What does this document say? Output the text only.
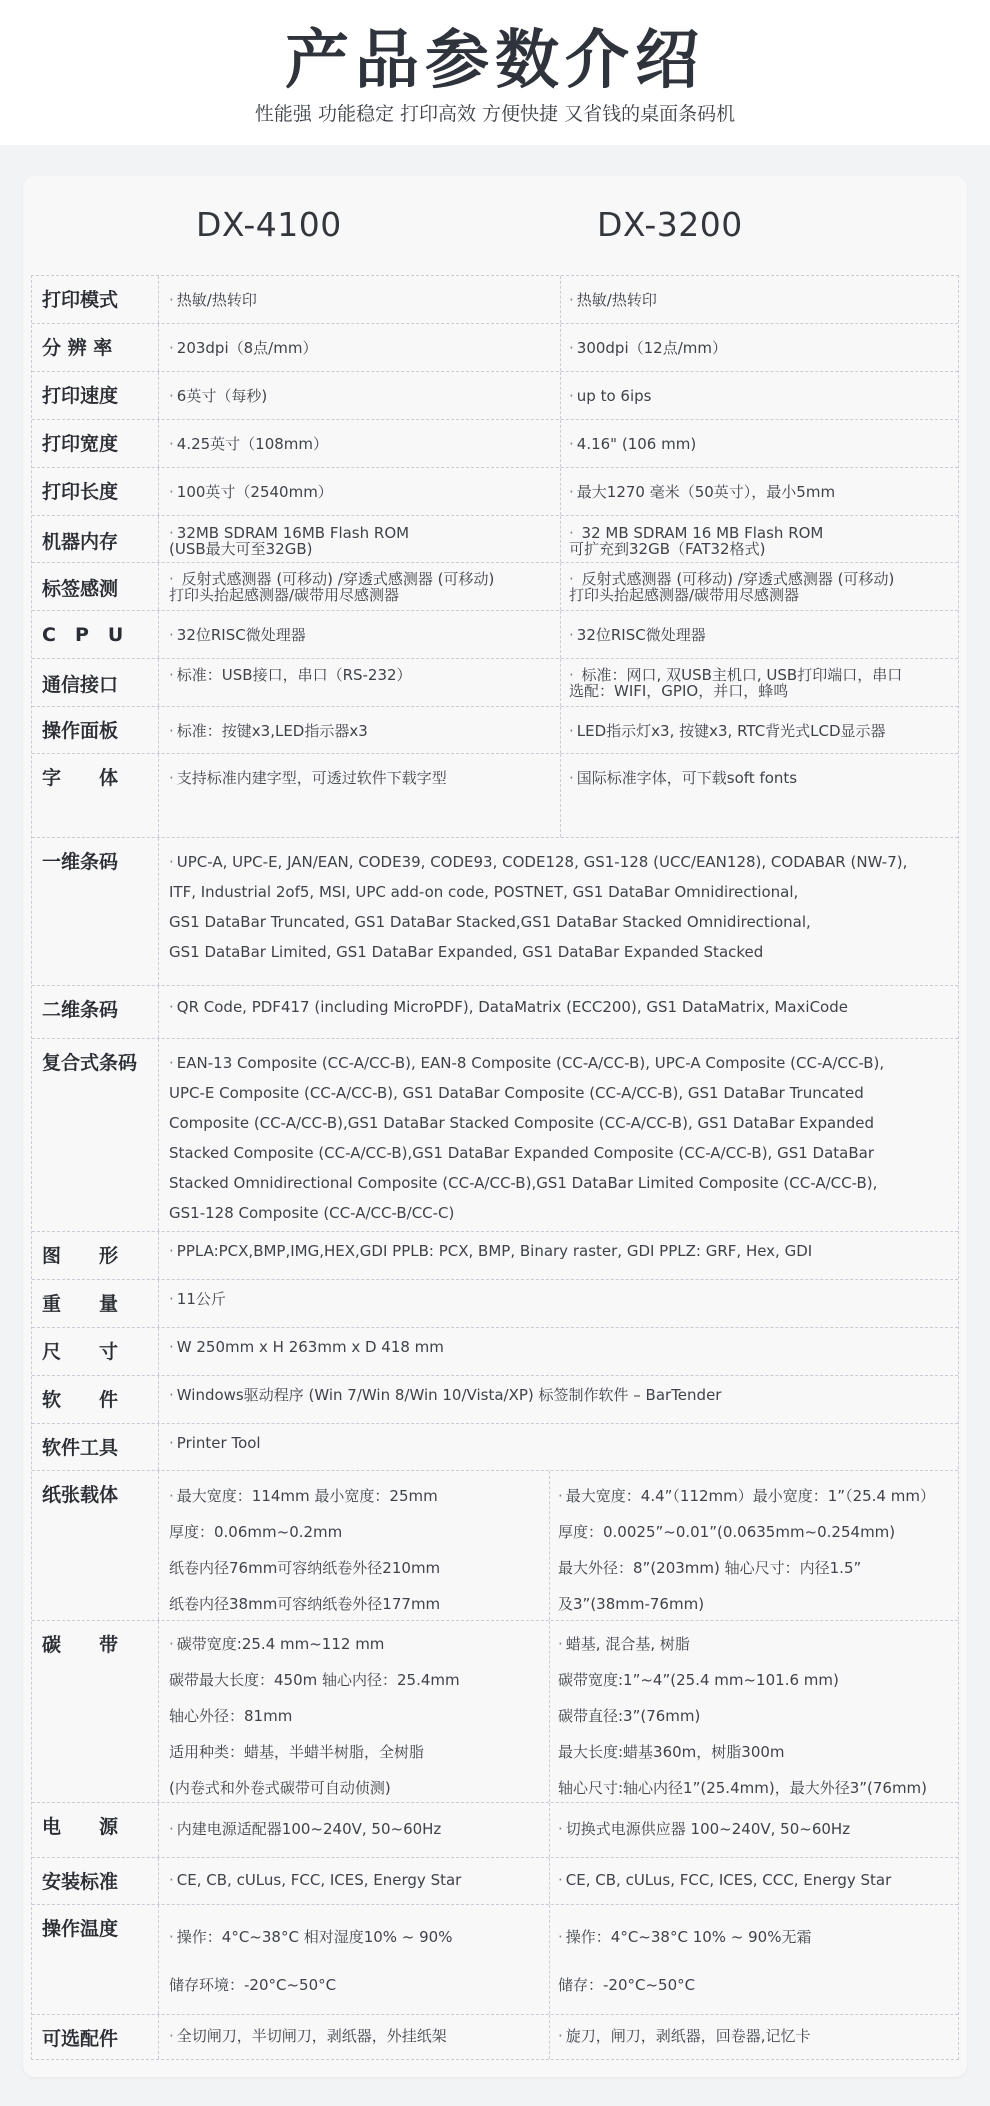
产品参数介绍
性能强 功能稳定 打印高效 方便快捷 又省钱的桌面条码机
DX-4100	DX-3200
打印模式	· 热敏/热转印	· 热敏/热转印
分 辨 率	· 203dpi（8点/mm）	· 300dpi（12点/mm）
打印速度	· 6英寸（每秒)	· up to 6ips
打印宽度	· 4.25英寸（108mm）	· 4.16" (106 mm)
打印长度	· 100英寸（2540mm）	· 最大1270 毫米（50英寸），最小5mm
机器内存	· 32MB SDRAM 16MB Flash ROM
(USB最大可至32GB)
· 32 MB SDRAM 16 MB Flash ROM
可扩充到32GB（FAT32格式)
标签感测	· 反射式感测器 (可移动) /穿透式感测器 (可移动)
打印头抬起感测器/碳带用尽感测器
· 反射式感测器 (可移动) /穿透式感测器 (可移动)
打印头抬起感测器/碳带用尽感测器
C　P　U	· 32位RISC微处理器	· 32位RISC微处理器
通信接口	· 标准：USB接口，串口（RS-232）	· 标准：网口, 双USB主机口, USB打印端口，串口
选配：WIFI，GPIO，并口，蜂鸣
操作面板	· 标准：按键x3,LED指示器x3	· LED指示灯x3, 按键x3, RTC背光式LCD显示器
字　　体	· 支持标准内建字型，可透过软件下载字型	· 国际标准字体，可下载soft fonts
一维条码	· UPC-A, UPC-E, JAN/EAN, CODE39, CODE93, CODE128, GS1-128 (UCC/EAN128), CODABAR (NW-7),
ITF, Industrial 2of5, MSI, UPC add-on code, POSTNET, GS1 DataBar Omnidirectional,
GS1 DataBar Truncated, GS1 DataBar Stacked,GS1 DataBar Stacked Omnidirectional,
GS1 DataBar Limited, GS1 DataBar Expanded, GS1 DataBar Expanded Stacked
二维条码	· QR Code, PDF417 (including MicroPDF), DataMatrix (ECC200), GS1 DataMatrix, MaxiCode
复合式条码 · EAN-13 Composite (CC-A/CC-B), EAN-8 Composite (CC-A/CC-B), UPC-A Composite (CC-A/CC-B),
UPC-E Composite (CC-A/CC-B), GS1 DataBar Composite (CC-A/CC-B), GS1 DataBar Truncated
Composite (CC-A/CC-B),GS1 DataBar Stacked Composite (CC-A/CC-B), GS1 DataBar Expanded
Stacked Composite (CC-A/CC-B),GS1 DataBar Expanded Composite (CC-A/CC-B), GS1 DataBar
Stacked Omnidirectional Composite (CC-A/CC-B),GS1 DataBar Limited Composite (CC-A/CC-B),
GS1-128 Composite (CC-A/CC-B/CC-C)
图　　形	· PPLA:PCX,BMP,IMG,HEX,GDI PPLB: PCX, BMP, Binary raster, GDI PPLZ: GRF, Hex, GDI
重　　量	· 11公斤
尺　　寸	· W 250mm x H 263mm x D 418 mm
软　　件	· Windows驱动程序 (Win 7/Win 8/Win 10/Vista/XP) 标签制作软件 – BarTender
软件工具	· Printer Tool
纸张载体	· 最大宽度：114mm 最小宽度：25mm
厚度：0.06mm~0.2mm
纸卷内径76mm可容纳纸卷外径210mm
纸卷内径38mm可容纳纸卷外径177mm
· 最大宽度：4.4”（112mm）最小宽度：1”（25.4 mm）
厚度：0.0025”~0.01”(0.0635mm~0.254mm)
最大外径：8”(203mm) 轴心尺寸：内径1.5”
及3”(38mm-76mm)
碳　　带	· 碳带宽度:25.4 mm~112 mm
碳带最大长度：450m 轴心内径：25.4mm
轴心外径：81mm
适用种类：蜡基，半蜡半树脂，全树脂
(内卷式和外卷式碳带可自动侦测)
· 蜡基, 混合基, 树脂
碳带宽度:1”~4”(25.4 mm~101.6 mm)
碳带直径:3”(76mm)
最大长度:蜡基360m，树脂300m
轴心尺寸:轴心内径1”(25.4mm)，最大外径3”(76mm)
电　　源	· 内建电源适配器100~240V, 50~60Hz	· 切换式电源供应器 100~240V, 50~60Hz
安装标准	· CE, CB, cULus, FCC, ICES, Energy Star	· CE, CB, cULus, FCC, ICES, CCC, Energy Star
操作温度	· 操作：4°C~38°C 相对湿度10% ~ 90%
储存环境：-20°C~50°C
· 操作：4°C~38°C 10% ~ 90%无霜
储存：-20°C~50°C
可选配件	· 全切闸刀，半切闸刀，剥纸器，外挂纸架	· 旋刀，闸刀，剥纸器，回卷器,记忆卡
